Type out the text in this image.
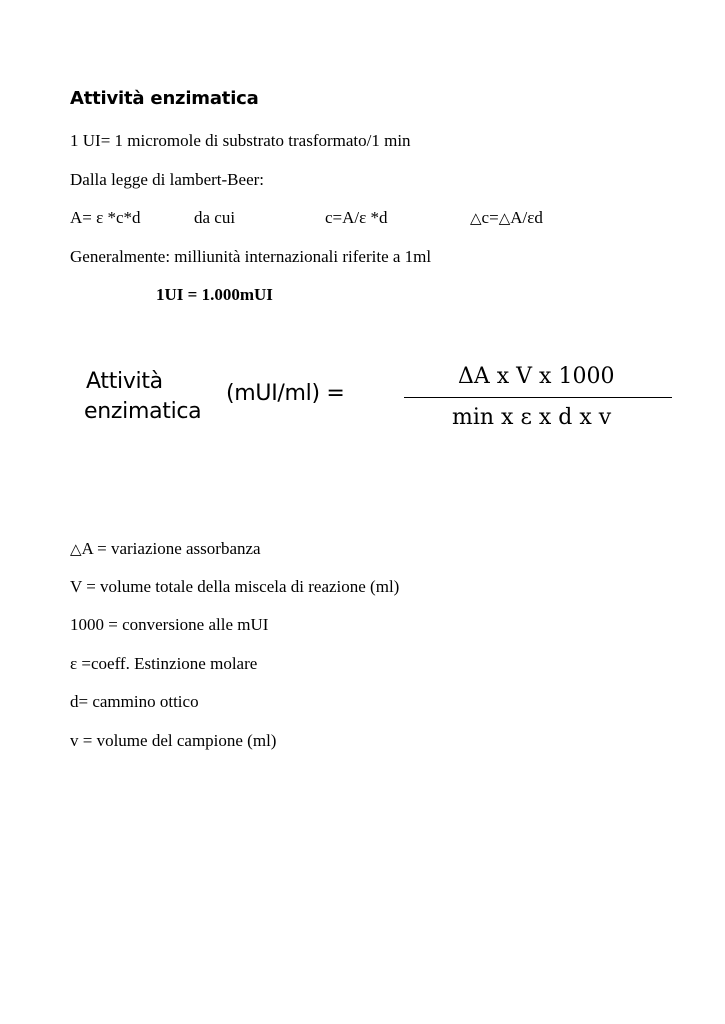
Attività enzimatica
1 UI= 1 micromole di substrato trasformato/1 min
Dalla legge di lambert-Beer:
A= ε *c*d	da cui	c=A/ε *d	△c=△A/εd
Generalmente: milliunità internazionali riferite a 1ml
1UI = 1.000mUI
Attività
enzimatica
(mUI/ml) =
ΔA x V x 1000
min x ε x d x v
△A = variazione assorbanza
V = volume totale della miscela di reazione (ml)
1000 = conversione alle mUI
ε =coeff. Estinzione molare
d= cammino ottico
v = volume del campione (ml)
